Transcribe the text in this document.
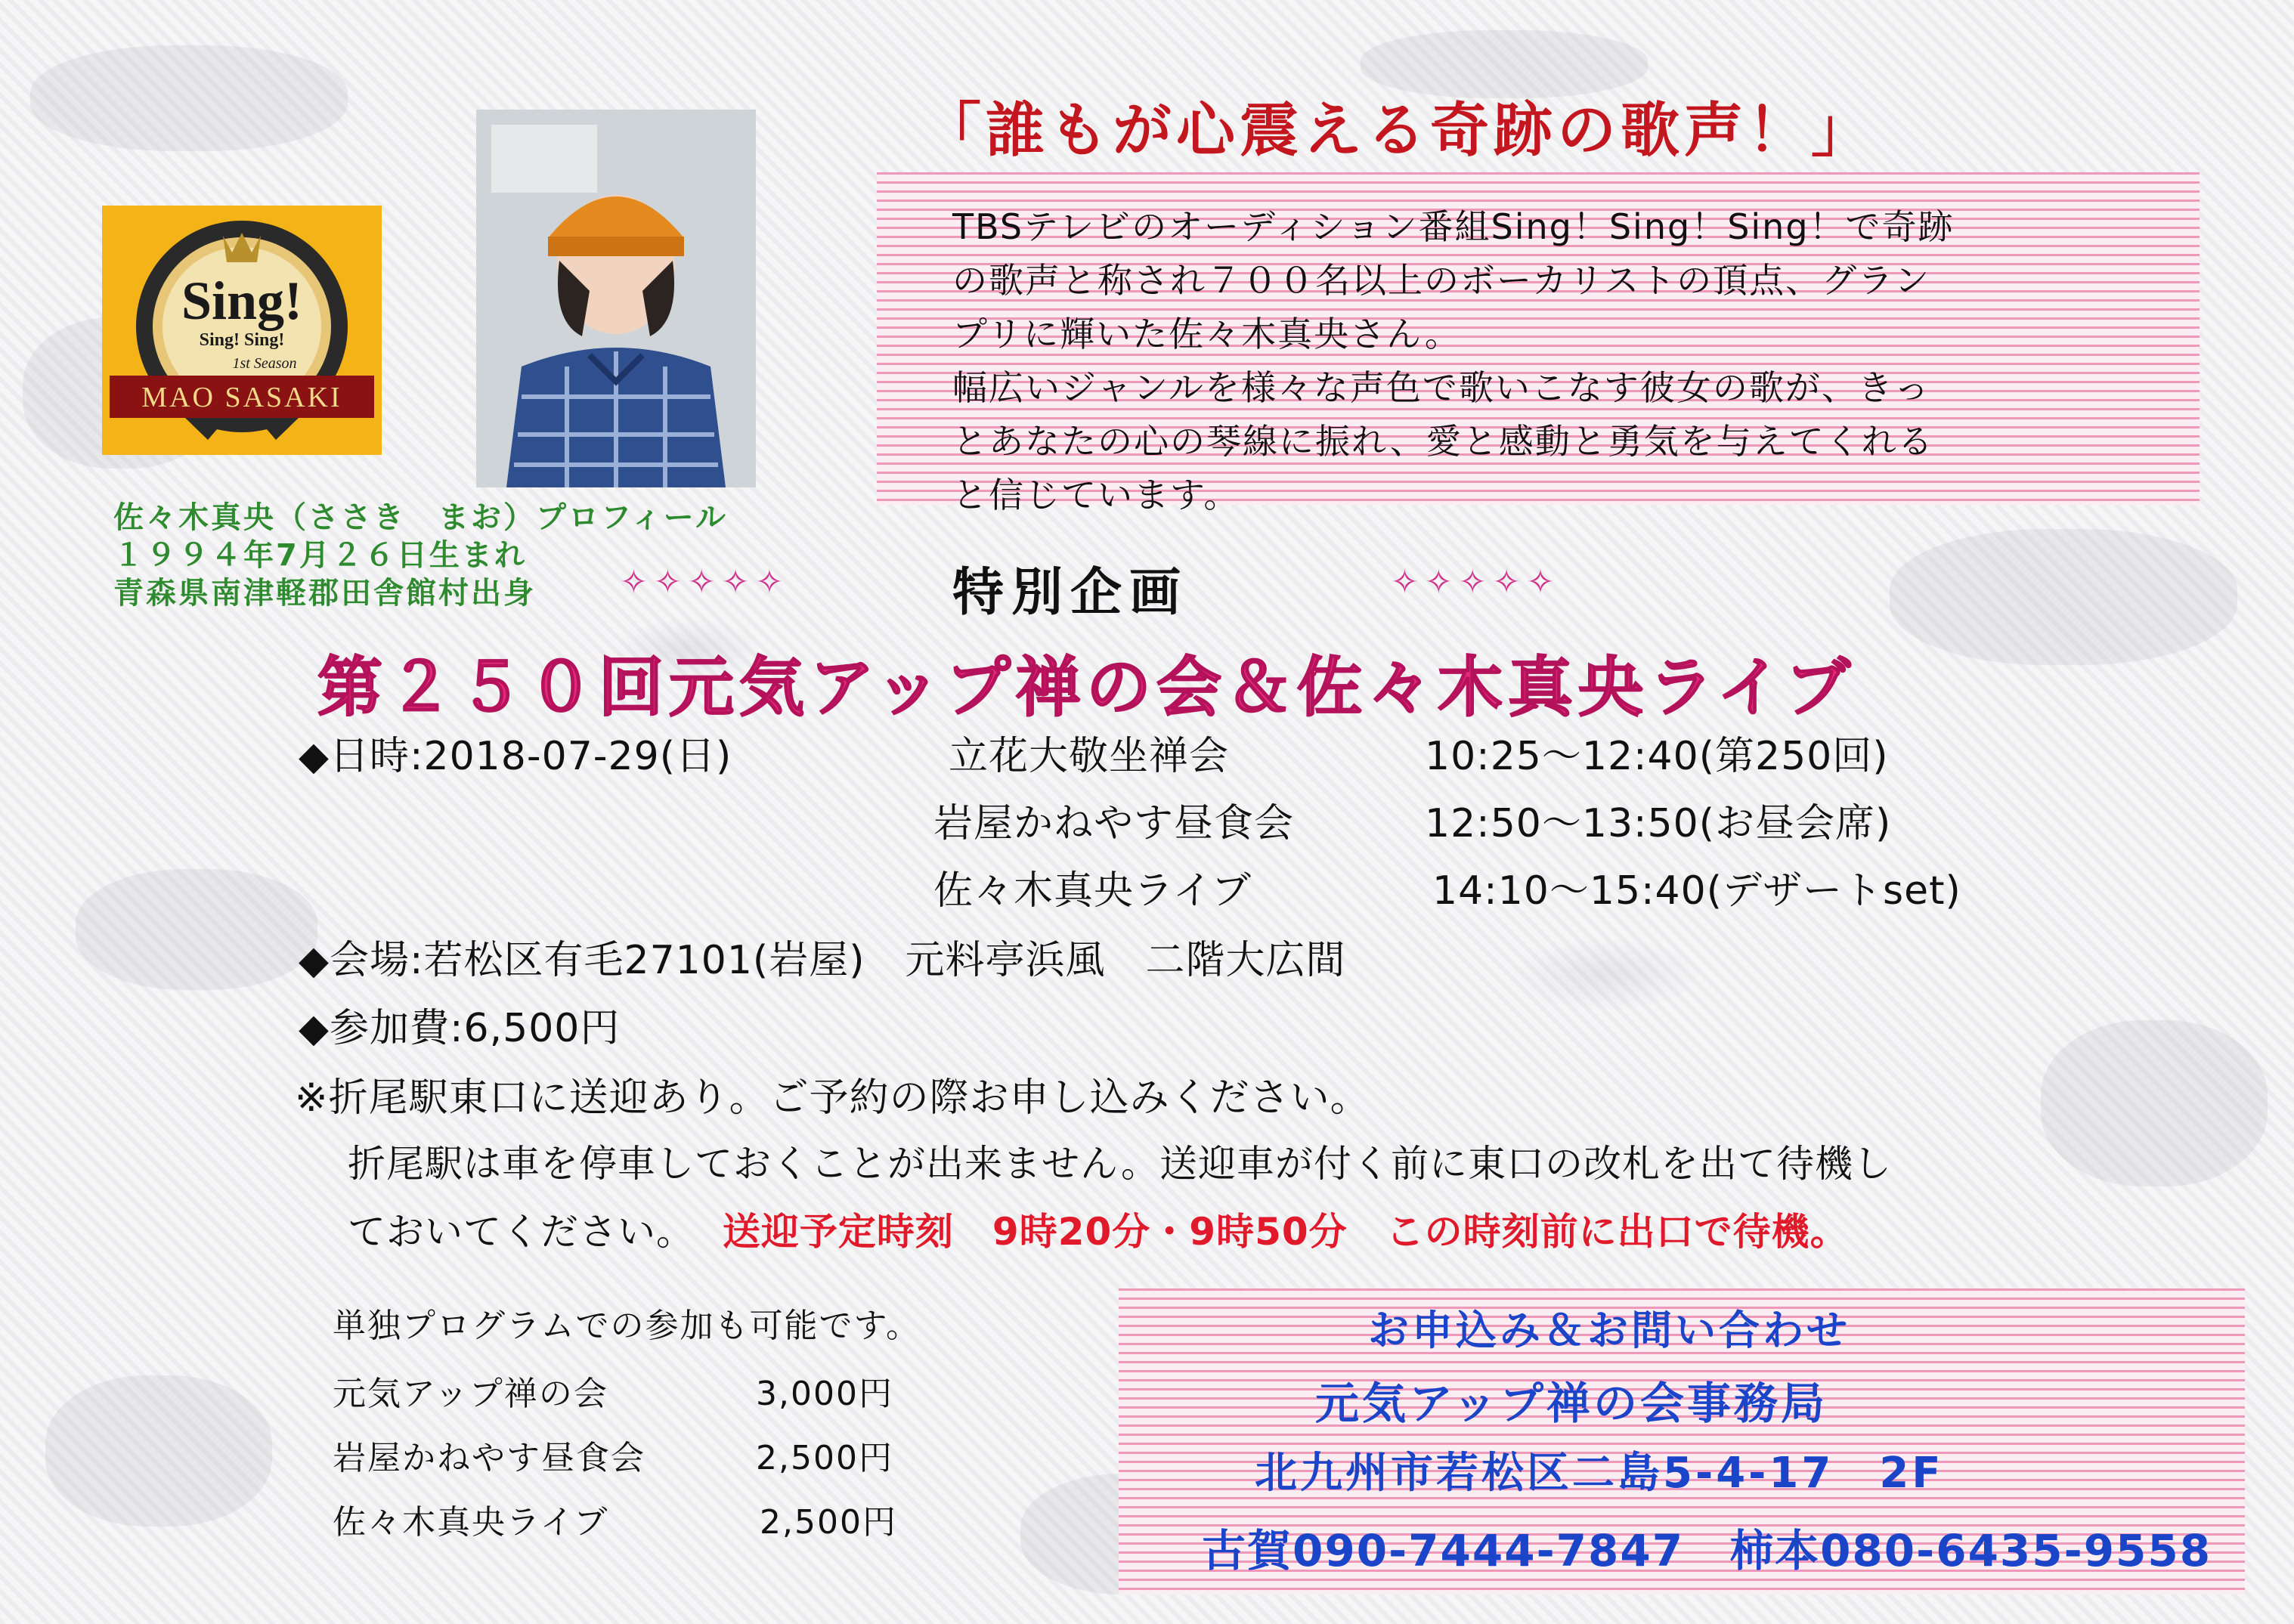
Sing!
Sing! Sing!
1st Season
MAO SASAKI
佐々木真央（ささき　まお）プロフィール
１９９４年7月２６日生まれ
青森県南津軽郡田舎館村出身
「誰もが心震える奇跡の歌声！」
TBSテレビのオーディション番組Sing！Sing！Sing！で奇跡
の歌声と称され７００名以上のボーカリストの頂点、グラン
プリに輝いた佐々木真央さん。
幅広いジャンルを様々な声色で歌いこなす彼女の歌が、きっ
とあなたの心の琴線に振れ、愛と感動と勇気を与えてくれる
と信じています。
✧✧✧✧✧	特別企画	✧✧✧✧✧
第２５０回元気アップ禅の会＆佐々木真央ライブ
◆日時:2018-07-29(日)	立花大敬坐禅会	10:25～12:40(第250回)
岩屋かねやす昼食会	12:50～13:50(お昼会席)
佐々木真央ライブ	14:10～15:40(デザートset)
◆会場:若松区有毛27101(岩屋)　元料亭浜風　二階大広間
◆参加費:6,500円
※折尾駅東口に送迎あり。ご予約の際お申し込みください。
折尾駅は車を停車しておくことが出来ません。送迎車が付く前に東口の改札を出て待機し
ておいてください。 送迎予定時刻　9時20分・9時50分　この時刻前に出口で待機。
単独プログラムでの参加も可能です。
元気アップ禅の会	3,000円
岩屋かねやす昼食会	2,500円
佐々木真央ライブ	2,500円
お申込み＆お問い合わせ
元気アップ禅の会事務局
北九州市若松区二島5-4-17　2F
古賀090-7444-7847　柿本080-6435-9558
